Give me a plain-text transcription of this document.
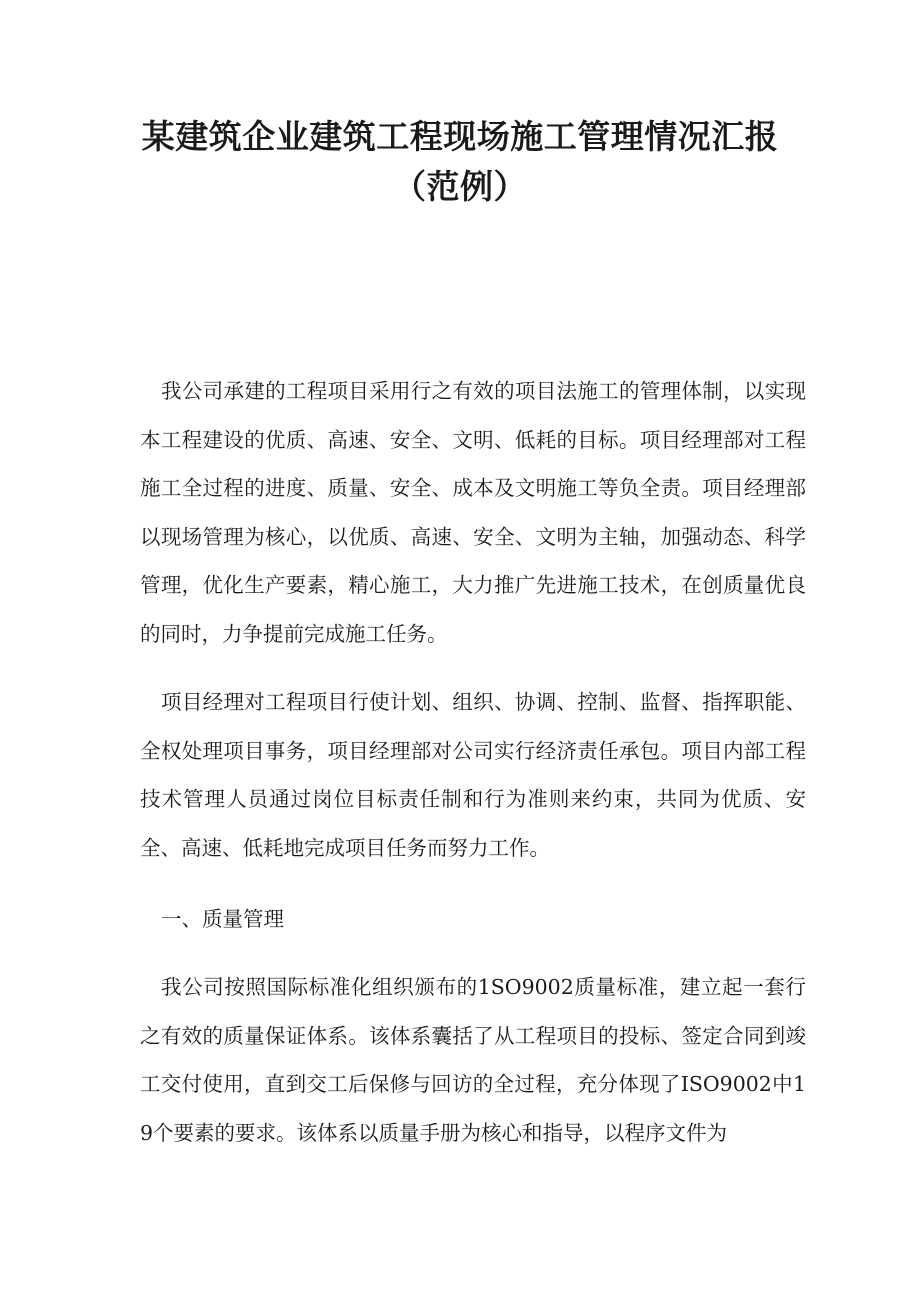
某建筑企业建筑工程现场施工管理情况汇报
（范例）

我公司承建的工程项目采用行之有效的项目法施工的管理体制，以实现本工程建设的优质、高速、安全、文明、低耗的目标。项目经理部对工程施工全过程的进度、质量、安全、成本及文明施工等负全责。项目经理部以现场管理为核心，以优质、高速、安全、文明为主轴，加强动态、科学管理，优化生产要素，精心施工，大力推广先进施工技术，在创质量优良的同时，力争提前完成施工任务。

项目经理对工程项目行使计划、组织、协调、控制、监督、指挥职能、全权处理项目事务，项目经理部对公司实行经济责任承包。项目内部工程技术管理人员通过岗位目标责任制和行为准则来约束，共同为优质、安全、高速、低耗地完成项目任务而努力工作。

一、质量管理

我公司按照国际标准化组织颁布的1SO9002质量标准，建立起一套行之有效的质量保证体系。该体系囊括了从工程项目的投标、签定合同到竣工交付使用，直到交工后保修与回访的全过程，充分体现了ISO9002中19个要素的要求。该体系以质量手册为核心和指导，以程序文件为
